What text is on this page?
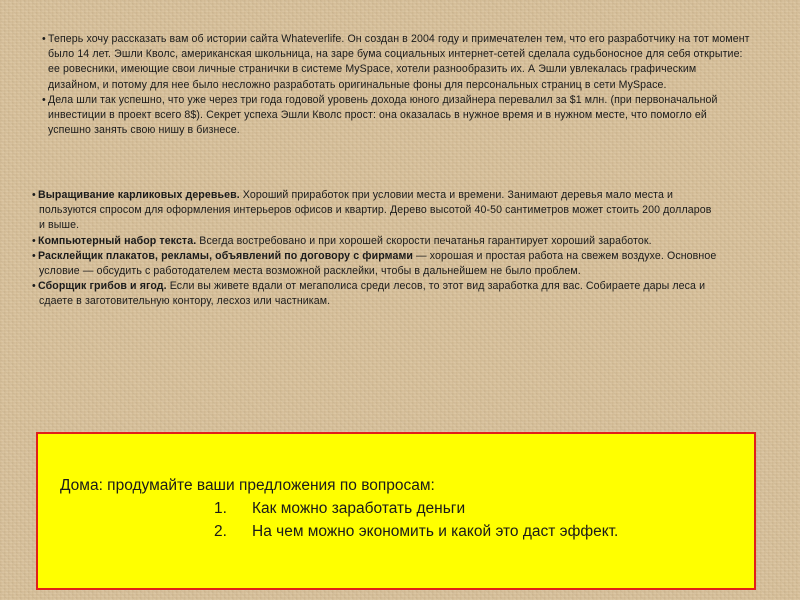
• Теперь хочу рассказать вам об истории сайта Whateverlife. Он создан в 2004 году и примечателен тем, что его разработчику на тот момент было 14 лет. Эшли Кволс, американская школьница, на заре бума социальных интернет-сетей сделала судьбоносное для себя открытие: ее ровесники, имеющие свои личные странички в системе MySpace, хотели разнообразить их. А Эшли увлекалась графическим дизайном, и потому для нее было несложно разработать оригинальные фоны для персональных страниц в сети MySpace.

• Дела шли так успешно, что уже через три года годовой уровень дохода юного дизайнера перевалил за $1 млн. (при первоначальной инвестиции в проект всего 8$). Секрет успеха Эшли Кволс прост: она оказалась в нужное время и в нужном месте, что помогло ей успешно занять свою нишу в бизнесе.

• Выращивание карликовых деревьев. Хороший приработок при условии места и времени. Занимают деревья мало места и пользуются спросом для оформления интерьеров офисов и квартир. Дерево высотой 40-50 сантиметров может стоить 200 долларов и выше.

• Компьютерный набор текста. Всегда востребовано и при хорошей скорости печатанья гарантирует хороший заработок.

• Расклейщик плакатов, рекламы, объявлений по договору с фирмами — хорошая и простая работа на свежем воздухе. Основное условие — обсудить с работодателем места возможной расклейки, чтобы в дальнейшем не было проблем.

• Сборщик грибов и ягод. Если вы живете вдали от мегаполиса среди лесов, то этот вид заработка для вас. Собираете дары леса и сдаете в заготовительную контору, лесхоз или частникам.

Дома: продумайте ваши предложения по вопросам:

1. Как можно заработать деньги

2. На чем можно экономить и какой это даст эффект.
